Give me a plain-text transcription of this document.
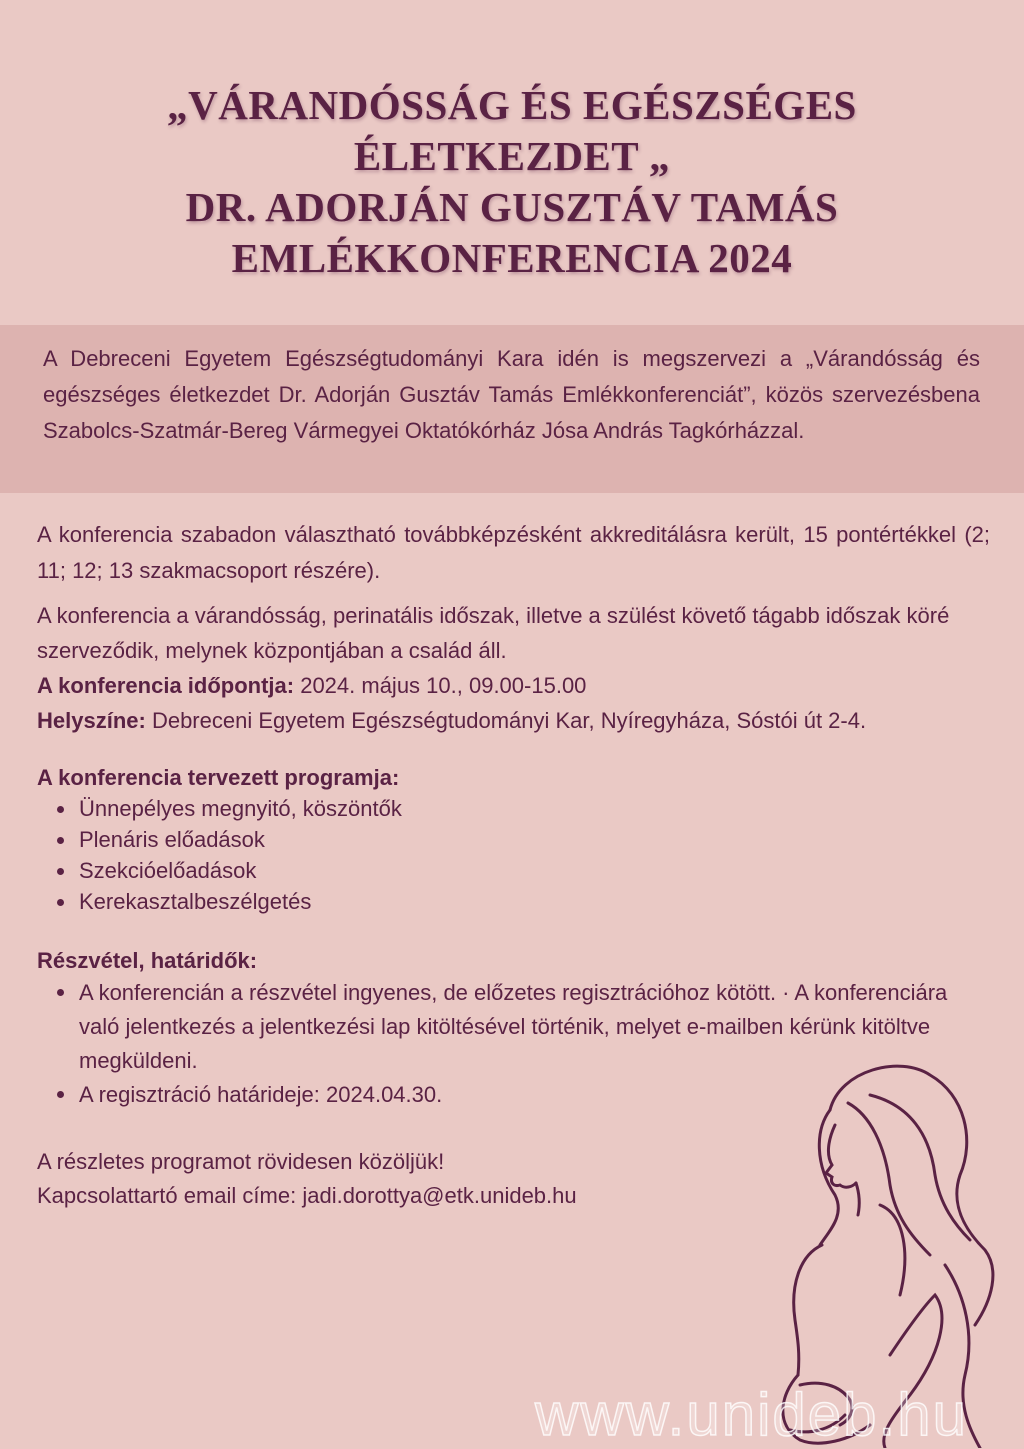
„VÁRANDÓSSÁG ÉS EGÉSZSÉGES
ÉLETKEZDET „
DR. ADORJÁN GUSZTÁV TAMÁS
EMLÉKKONFERENCIA 2024

A Debreceni Egyetem Egészségtudományi Kara idén is megszervezi a „Várandósság és egészséges életkezdet Dr. Adorján Gusztáv Tamás Emlékkonferenciát”, közös szervezésbena Szabolcs-Szatmár-Bereg Vármegyei Oktatókórház Jósa András Tagkórházzal.

A konferencia szabadon választható továbbképzésként akkreditálásra került, 15 pontértékkel (2; 11; 12; 13 szakmacsoport részére).

A konferencia a várandósság, perinatális időszak, illetve a szülést követő tágabb időszak köré szerveződik, melynek központjában a család áll.

A konferencia időpontja: 2024. május 10., 09.00-15.00

Helyszíne: Debreceni Egyetem Egészségtudományi Kar, Nyíregyháza, Sóstói út 2-4.

A konferencia tervezett programja:

Ünnepélyes megnyitó, köszöntők
Plenáris előadások
Szekcióelőadások
Kerekasztalbeszélgetés

Részvétel, határidők:

A konferencián a részvétel ingyenes, de előzetes regisztrációhoz kötött. · A konferenciára való jelentkezés a jelentkezési lap kitöltésével történik, melyet e-mailben kérünk kitöltve megküldeni.
A regisztráció határideje: 2024.04.30.

A részletes programot rövidesen közöljük!

Kapcsolattartó email címe: jadi.dorottya@etk.unideb.hu

www.unideb.hu
